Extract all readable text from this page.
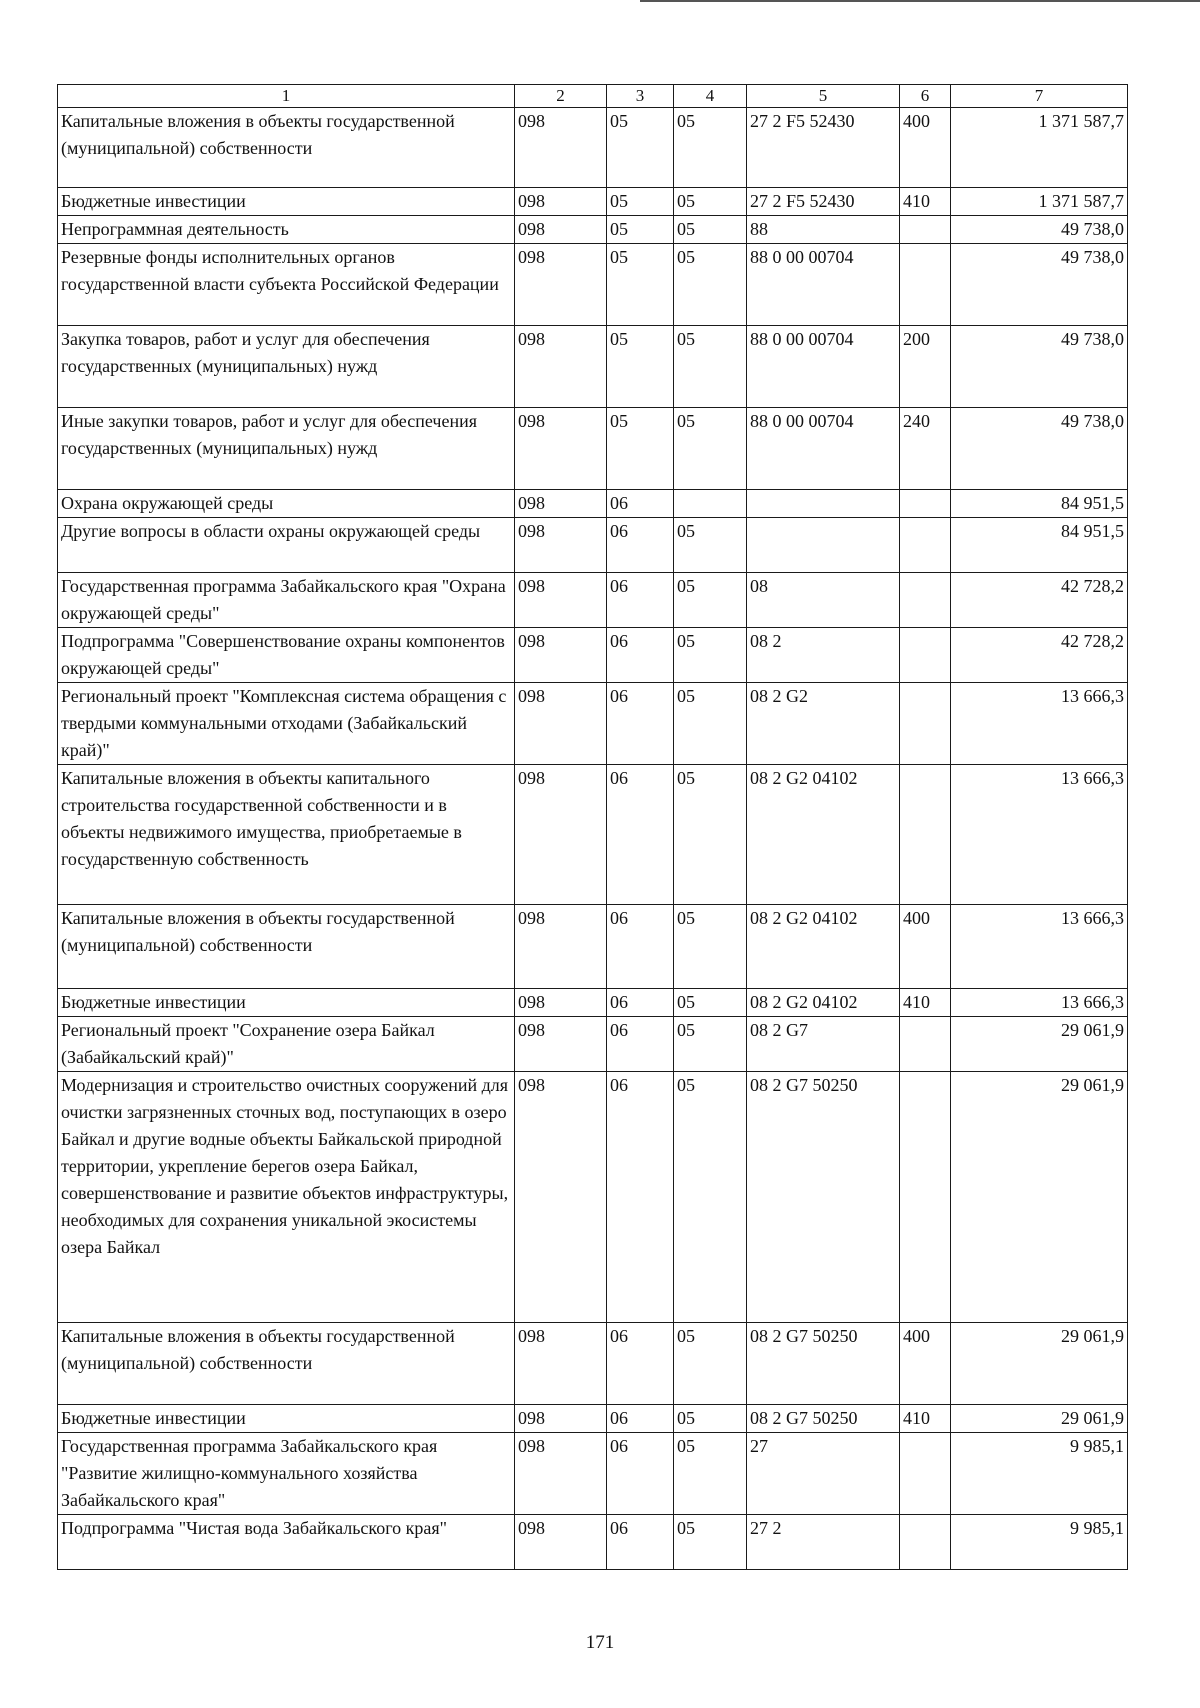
1	2	3	4	5	6	7
Капитальные вложения в объекты государственной (муниципальной) собственности	098	05	05	27 2 F5 52430	400	1 371 587,7
Бюджетные инвестиции	098	05	05	27 2 F5 52430	410	1 371 587,7
Непрограммная деятельность	098	05	05	88		49 738,0
Резервные фонды исполнительных органов государственной власти субъекта Российской Федерации	098	05	05	88 0 00 00704		49 738,0
Закупка товаров, работ и услуг для обеспечения государственных (муниципальных) нужд	098	05	05	88 0 00 00704	200	49 738,0
Иные закупки товаров, работ и услуг для обеспечения государственных (муниципальных) нужд	098	05	05	88 0 00 00704	240	49 738,0
Охрана окружающей среды	098	06				84 951,5
Другие вопросы в области охраны окружающей среды	098	06	05			84 951,5
Государственная программа Забайкальского края "Охрана окружающей среды"	098	06	05	08		42 728,2
Подпрограмма "Совершенствование охраны компонентов окружающей среды"	098	06	05	08 2		42 728,2
Региональный проект "Комплексная система обращения с твердыми коммунальными отходами (Забайкальский край)"	098	06	05	08 2 G2		13 666,3
Капитальные вложения в объекты капитального строительства государственной собственности и в объекты недвижимого имущества, приобретаемые в государственную собственность	098	06	05	08 2 G2 04102		13 666,3
Капитальные вложения в объекты государственной (муниципальной) собственности	098	06	05	08 2 G2 04102	400	13 666,3
Бюджетные инвестиции	098	06	05	08 2 G2 04102	410	13 666,3
Региональный проект "Сохранение озера Байкал (Забайкальский край)"	098	06	05	08 2 G7		29 061,9
Модернизация и строительство очистных сооружений для очистки загрязненных сточных вод, поступающих в озеро Байкал и другие водные объекты Байкальской природной территории, укрепление берегов озера Байкал, совершенствование и развитие объектов инфраструктуры, необходимых для сохранения уникальной экосистемы озера Байкал	098	06	05	08 2 G7 50250		29 061,9
Капитальные вложения в объекты государственной (муниципальной) собственности	098	06	05	08 2 G7 50250	400	29 061,9
Бюджетные инвестиции	098	06	05	08 2 G7 50250	410	29 061,9
Государственная программа Забайкальского края "Развитие жилищно-коммунального хозяйства Забайкальского края"	098	06	05	27		9 985,1
Подпрограмма "Чистая вода Забайкальского края"	098	06	05	27 2		9 985,1
171
